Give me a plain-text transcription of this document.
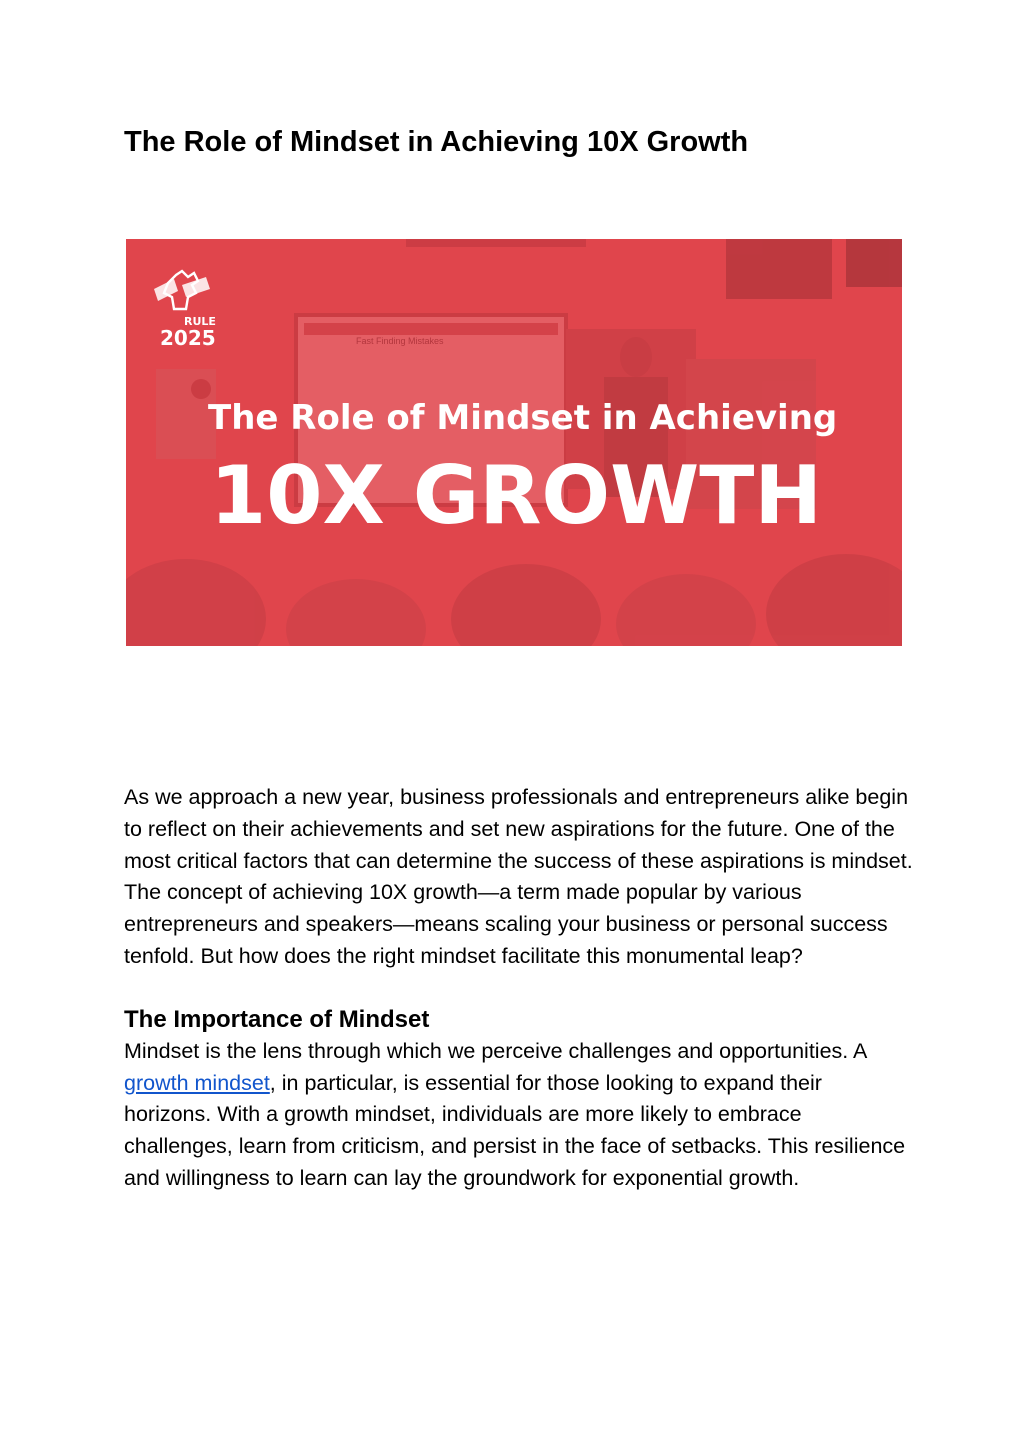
The Role of Mindset in Achieving 10X Growth
Fast Finding Mistakes
RULE
2025
The Role of Mindset in Achieving
10X GROWTH

As we approach a new year, business professionals and entrepreneurs alike begin to reflect on their achievements and set new aspirations for the future. One of the most critical factors that can determine the success of these aspirations is mindset. The concept of achieving 10X growth—a term made popular by various entrepreneurs and speakers—means scaling your business or personal success tenfold. But how does the right mindset facilitate this monumental leap?

The Importance of Mindset

Mindset is the lens through which we perceive challenges and opportunities. A growth mindset, in particular, is essential for those looking to expand their horizons. With a growth mindset, individuals are more likely to embrace challenges, learn from criticism, and persist in the face of setbacks. This resilience and willingness to learn can lay the groundwork for exponential growth.
